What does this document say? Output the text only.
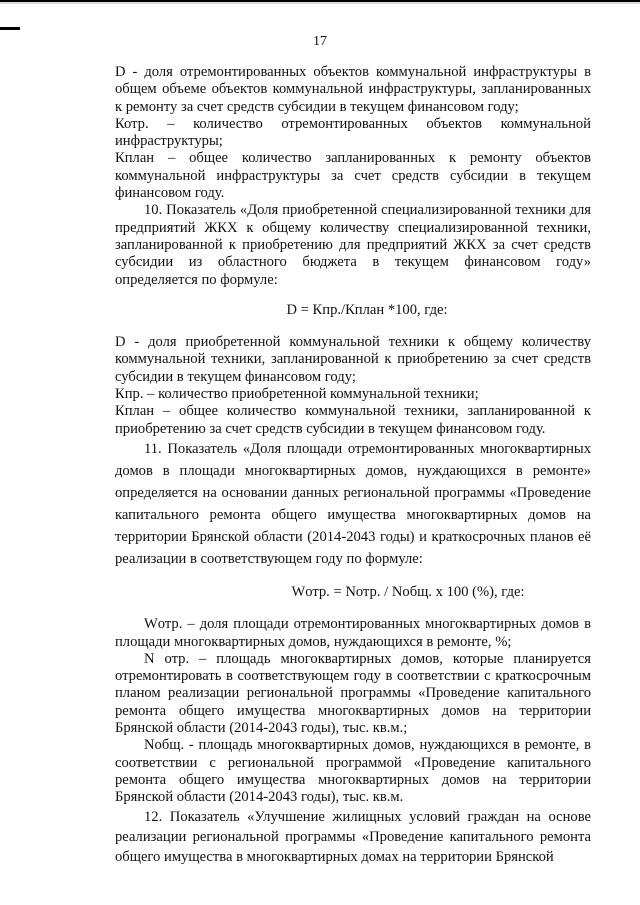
17

D - доля отремонтированных объектов коммунальной инфраструктуры в общем объеме объектов коммунальной инфраструктуры, запланированных к ремонту за счет средств субсидии в текущем финансовом году;

Котр. – количество отремонтированных объектов коммунальной инфраструктуры;

Кплан – общее количество запланированных к ремонту объектов коммунальной инфраструктуры за счет средств субсидии в текущем финансовом году.

10. Показатель «Доля приобретенной специализированной техники для предприятий ЖКХ к общему количеству специализированной техники, запланированной к приобретению для предприятий ЖКХ за счет средств субсидии из областного бюджета в текущем финансовом году» определяется по формуле:

D = Кпр./Кплан *100, где:

D - доля приобретенной коммунальной техники к общему количеству коммунальной техники, запланированной к приобретению за счет средств субсидии в текущем финансовом году;

Кпр. – количество приобретенной коммунальной техники;

Кплан – общее количество коммунальной техники, запланированной к приобретению за счет средств субсидии в текущем финансовом году.

11. Показатель «Доля площади отремонтированных многоквартирных домов в площади многоквартирных домов, нуждающихся в ремонте» определяется на основании данных региональной программы «Проведение капитального ремонта общего имущества многоквартирных домов на территории Брянской области (2014-2043 годы) и краткосрочных планов её реализации в соответствующем году по формуле:

Wотр. = Nотр. / Nобщ. х 100 (%), где:

Wотр. – доля площади отремонтированных многоквартирных домов в площади многоквартирных домов, нуждающихся в ремонте, %;

N отр. – площадь многоквартирных домов, которые планируется отремонтировать в соответствующем году в соответствии с краткосрочным планом реализации региональной программы «Проведение капитального ремонта общего имущества многоквартирных домов на территории Брянской области (2014-2043 годы), тыс. кв.м.;

Nобщ. - площадь многоквартирных домов, нуждающихся в ремонте, в соответствии с региональной программой «Проведение капитального ремонта общего имущества многоквартирных домов на территории Брянской области (2014-2043 годы), тыс. кв.м.

12. Показатель «Улучшение жилищных условий граждан на основе реализации региональной программы «Проведение капитального ремонта общего имущества в многоквартирных домах на территории Брянской
